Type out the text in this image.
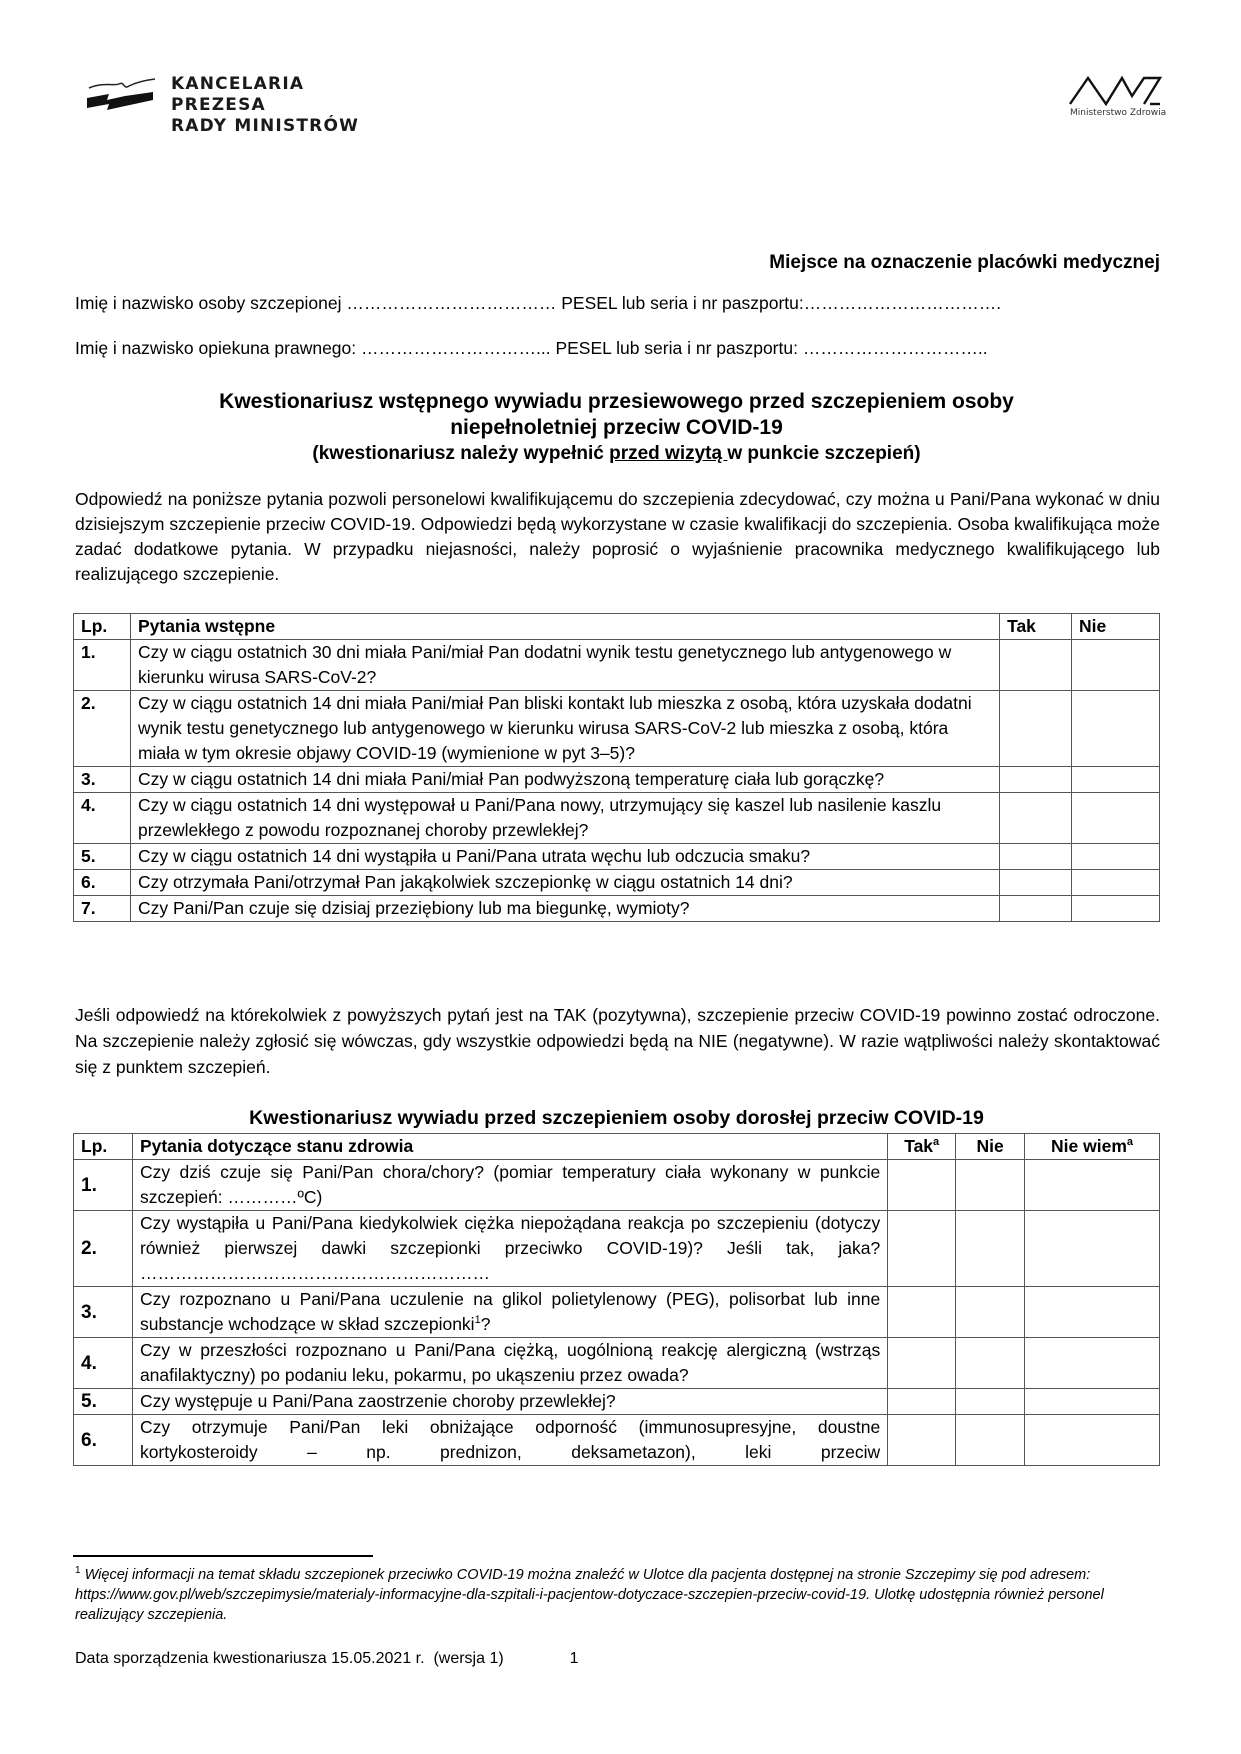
KANCELARIA PREZESA
RADY MINISTRÓW
Ministerstwo Zdrowia
Miejsce na oznaczenie placówki medycznej
Imię i nazwisko osoby szczepionej ……………………………… PESEL lub seria i nr paszportu:…………………………….
Imię i nazwisko opiekuna prawnego: …………………………... PESEL lub seria i nr paszportu: …………………………..
Kwestionariusz wstępnego wywiadu przesiewowego przed szczepieniem osoby
niepełnoletniej przeciw COVID-19
(kwestionariusz należy wypełnić przed wizytą w punkcie szczepień)
Odpowiedź na poniższe pytania pozwoli personelowi kwalifikującemu do szczepienia zdecydować, czy można u Pani/Pana wykonać w dniu dzisiejszym szczepienie przeciw COVID-19. Odpowiedzi będą wykorzystane w czasie kwalifikacji do szczepienia. Osoba kwalifikująca może zadać dodatkowe pytania. W przypadku niejasności, należy poprosić o wyjaśnienie pracownika medycznego kwalifikującego lub realizującego szczepienie.
Lp.	Pytania wstępne	Tak	Nie
1.	Czy w ciągu ostatnich 30 dni miała Pani/miał Pan dodatni wynik testu genetycznego lub antygenowego w kierunku wirusa SARS-CoV-2?		
2.	Czy w ciągu ostatnich 14 dni miała Pani/miał Pan bliski kontakt lub mieszka z osobą, która uzyskała dodatni wynik testu genetycznego lub antygenowego w kierunku wirusa SARS-CoV-2 lub mieszka z osobą, która miała w tym okresie objawy COVID-19 (wymienione w pyt 3–5)?		
3.	Czy w ciągu ostatnich 14 dni miała Pani/miał Pan podwyższoną temperaturę ciała lub gorączkę?		
4.	Czy w ciągu ostatnich 14 dni występował u Pani/Pana nowy, utrzymujący się kaszel lub nasilenie kaszlu przewlekłego z powodu rozpoznanej choroby przewlekłej?		
5.	Czy w ciągu ostatnich 14 dni wystąpiła u Pani/Pana utrata węchu lub odczucia smaku?		
6.	Czy otrzymała Pani/otrzymał Pan jakąkolwiek szczepionkę w ciągu ostatnich 14 dni?		
7.	Czy Pani/Pan czuje się dzisiaj przeziębiony lub ma biegunkę, wymioty?		
Jeśli odpowiedź na którekolwiek z powyższych pytań jest na TAK (pozytywna), szczepienie przeciw COVID-19 powinno zostać odroczone. Na szczepienie należy zgłosić się wówczas, gdy wszystkie odpowiedzi będą na NIE (negatywne). W razie wątpliwości należy skontaktować się z punktem szczepień.
Kwestionariusz wywiadu przed szczepieniem osoby dorosłej przeciw COVID-19
Lp.	Pytania dotyczące stanu zdrowia	Tak$^a$	Nie	Nie wiem$^a$
1.	Czy dziś czuje się Pani/Pan chora/chory? (pomiar temperatury ciała wykonany w punkcie szczepień: …………ºC)			
2.	Czy wystąpiła u Pani/Pana kiedykolwiek ciężka niepożądana reakcja po szczepieniu (dotyczy również pierwszej dawki szczepionki przeciwko COVID-19)? Jeśli tak, jaka? ……………………………………………………			
3.	Czy rozpoznano u Pani/Pana uczulenie na glikol polietylenowy (PEG), polisorbat lub inne substancje wchodzące w skład szczepionki$^1$?			
4.	Czy w przeszłości rozpoznano u Pani/Pana ciężką, uogólnioną reakcję alergiczną (wstrząs anafilaktyczny) po podaniu leku, pokarmu, po ukąszeniu przez owada?			
5.	Czy występuje u Pani/Pana zaostrzenie choroby przewlekłej?			
6.	Czy otrzymuje Pani/Pan leki obniżające odporność (immunosupresyjne, doustne kortykosteroidy – np. prednizon, deksametazon), leki przeciw			
$^1$ Więcej informacji na temat składu szczepionek przeciwko COVID-19 można znaleźć w Ulotce dla pacjenta dostępnej na stronie Szczepimy się pod adresem: https://www.gov.pl/web/szczepimysie/materialy-informacyjne-dla-szpitali-i-pacjentow-dotyczace-szczepien-przeciw-covid-19. Ulotkę udostępnia również personel realizujący szczepienia.
Data sporządzenia kwestionariusza 15.05.2021 r.  (wersja 1)	1
